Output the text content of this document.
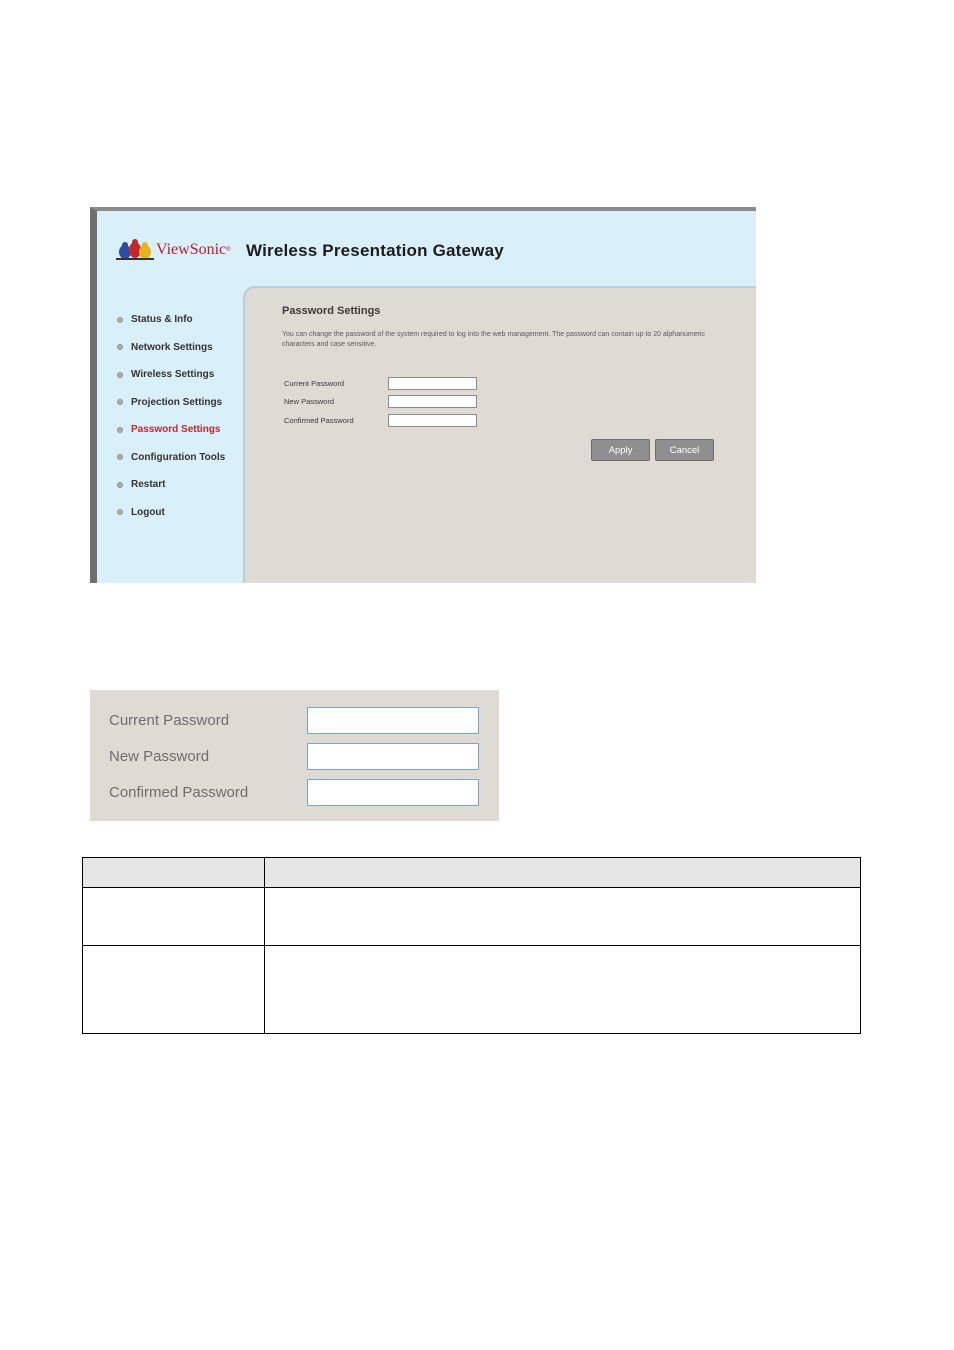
ViewSonic ® Wireless Presentation Gateway
Status & Info
Network Settings
Wireless Settings
Projection Settings
Password Settings
Configuration Tools
Restart
Logout
Password Settings
You can change the password of the system required to log into the web management. The password can contain up to 20 alphanumeric characters and case sensitive.
Current Password
New Password
Confirmed Password
Apply	Cancel
Current Password
New Password
Confirmed Password
